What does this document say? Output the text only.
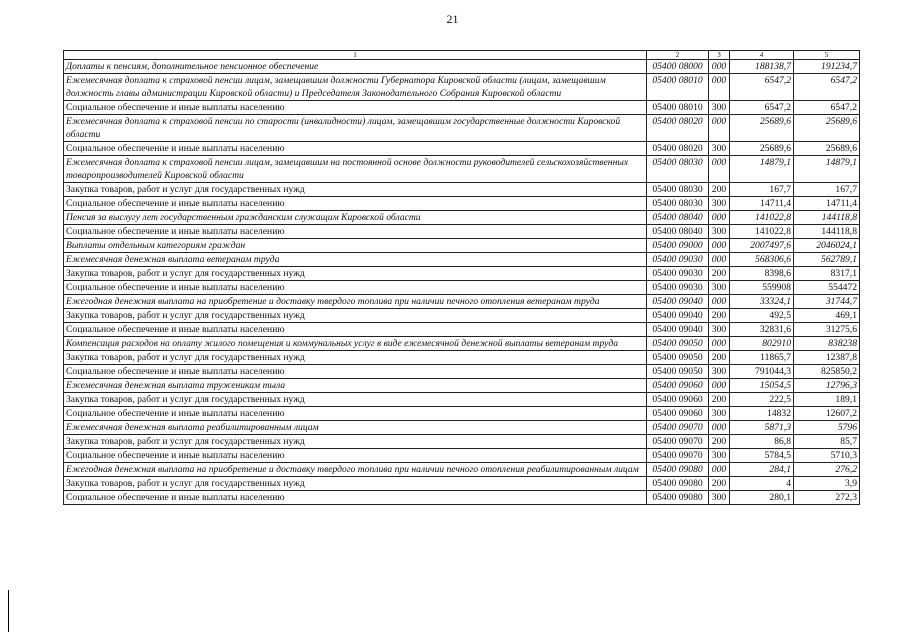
21
1	2	3	4	5
Доплаты к пенсиям, дополнительное пенсионное обеспечение	05400 08000	000	188138,7	191234,7
Ежемесячная доплата к страховой пенсии лицам, замещавшим должности Губернатора Кировской области (лицам, замещавшим должность главы администрации Кировской области) и Председателя Законодательного Собрания Кировской области	05400 08010	000	6547,2	6547,2
Социальное обеспечение и иные выплаты населению	05400 08010	300	6547,2	6547,2
Ежемесячная доплата к страховой пенсии по старости (инвалидности) лицам, замещавшим государственные должности Кировской области	05400 08020	000	25689,6	25689,6
Социальное обеспечение и иные выплаты населению	05400 08020	300	25689,6	25689,6
Ежемесячная доплата к страховой пенсии лицам, замещавшим на постоянной основе должности руководителей сельскохозяйственных товаропроизводителей Кировской области	05400 08030	000	14879,1	14879,1
Закупка товаров, работ и услуг для государственных нужд	05400 08030	200	167,7	167,7
Социальное обеспечение и иные выплаты населению	05400 08030	300	14711,4	14711,4
Пенсия за выслугу лет государственным гражданским служащим Кировской области	05400 08040	000	141022,8	144118,8
Социальное обеспечение и иные выплаты населению	05400 08040	300	141022,8	144118,8
Выплаты отдельным категориям граждан	05400 09000	000	2007497,6	2046024,1
Ежемесячная денежная выплата ветеранам труда	05400 09030	000	568306,6	562789,1
Закупка товаров, работ и услуг для государственных нужд	05400 09030	200	8398,6	8317,1
Социальное обеспечение и иные выплаты населению	05400 09030	300	559908	554472
Ежегодная денежная выплата на приобретение и доставку твердого топлива при наличии печного отопления ветеранам труда	05400 09040	000	33324,1	31744,7
Закупка товаров, работ и услуг для государственных нужд	05400 09040	200	492,5	469,1
Социальное обеспечение и иные выплаты населению	05400 09040	300	32831,6	31275,6
Компенсация расходов на оплату жилого помещения и коммунальных услуг в виде ежемесячной денежной выплаты ветеранам труда	05400 09050	000	802910	838238
Закупка товаров, работ и услуг для государственных нужд	05400 09050	200	11865,7	12387,8
Социальное обеспечение и иные выплаты населению	05400 09050	300	791044,3	825850,2
Ежемесячная денежная выплата труженикам тыла	05400 09060	000	15054,5	12796,3
Закупка товаров, работ и услуг для государственных нужд	05400 09060	200	222,5	189,1
Социальное обеспечение и иные выплаты населению	05400 09060	300	14832	12607,2
Ежемесячная денежная выплата реабилитированным лицам	05400 09070	000	5871,3	5796
Закупка товаров, работ и услуг для государственных нужд	05400 09070	200	86,8	85,7
Социальное обеспечение и иные выплаты населению	05400 09070	300	5784,5	5710,3
Ежегодная денежная выплата на приобретение и доставку твердого топлива при наличии печного отопления реабилитированным лицам	05400 09080	000	284,1	276,2
Закупка товаров, работ и услуг для государственных нужд	05400 09080	200	4	3,9
Социальное обеспечение и иные выплаты населению	05400 09080	300	280,1	272,3
